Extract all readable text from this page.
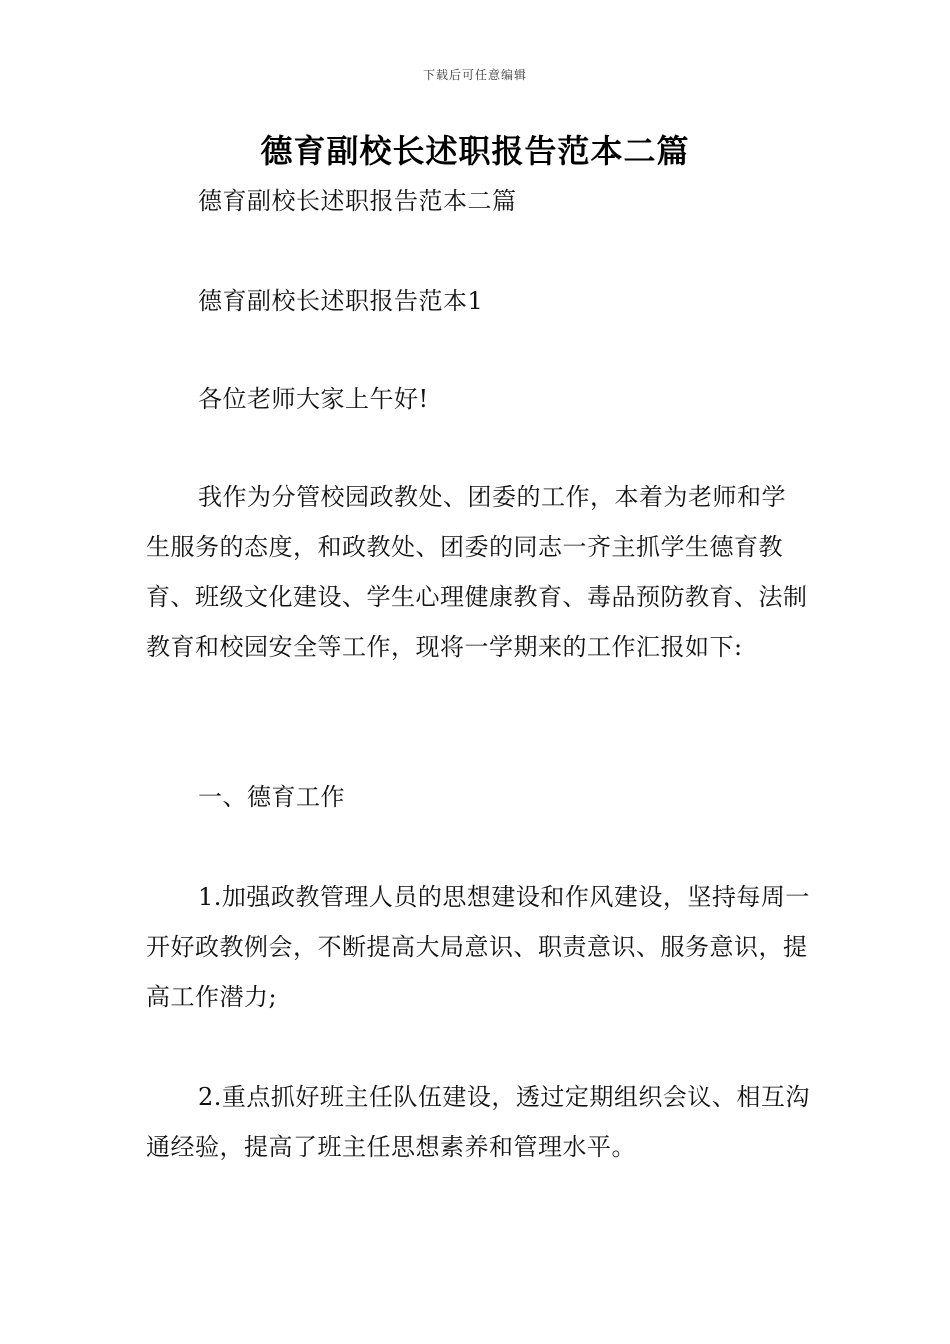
下载后可任意编辑
德育副校长述职报告范本二篇

德育副校长述职报告范本二篇

德育副校长述职报告范本1

各位老师大家上午好!

我作为分管校园政教处、团委的工作，本着为老师和学生服务的态度，和政教处、团委的同志一齐主抓学生德育教育、班级文化建设、学生心理健康教育、毒品预防教育、法制教育和校园安全等工作，现将一学期来的工作汇报如下:

一、德育工作

1.加强政教管理人员的思想建设和作风建设，坚持每周一开好政教例会，不断提高大局意识、职责意识、服务意识，提高工作潜力;

2.重点抓好班主任队伍建设，透过定期组织会议、相互沟通经验，提高了班主任思想素养和管理水平。
